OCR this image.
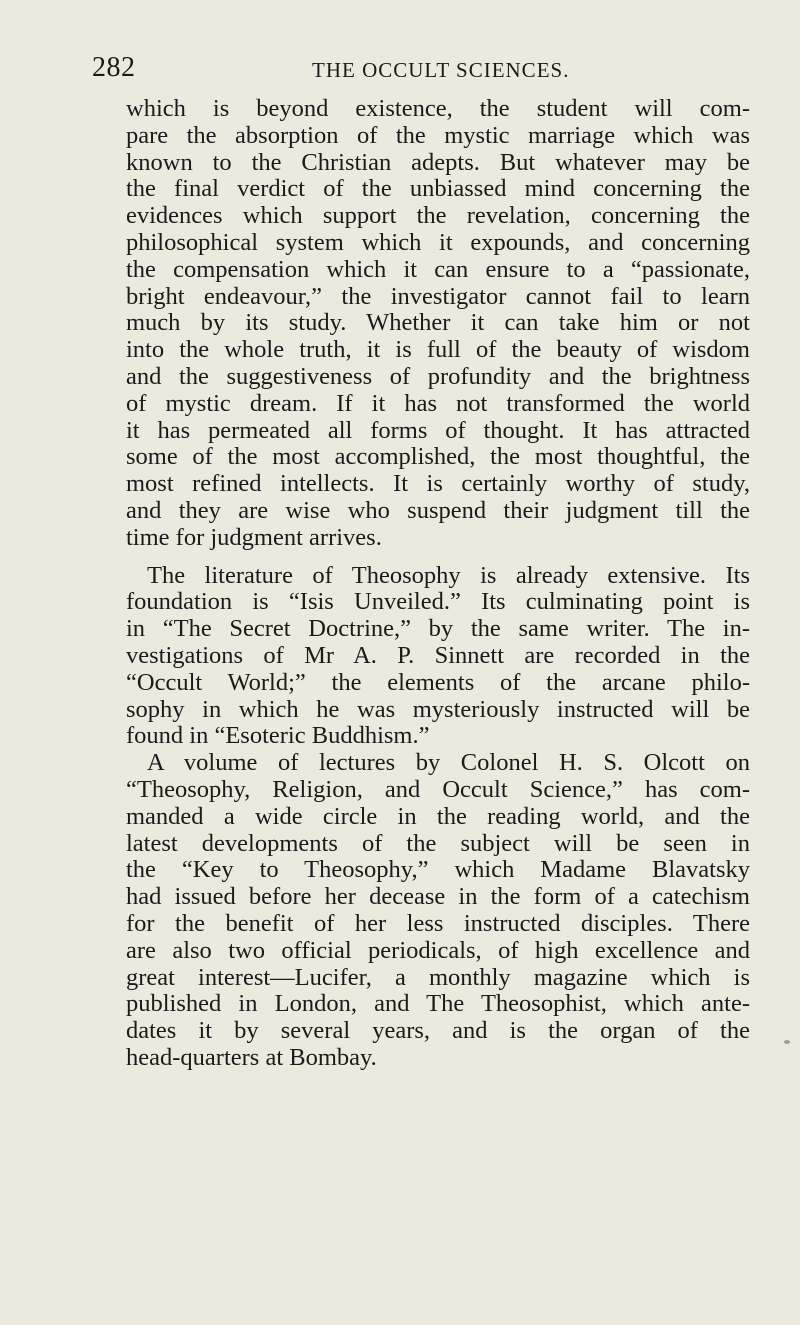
282	THE OCCULT SCIENCES.
which is beyond existence, the student will com-
pare the absorption of the mystic marriage which was
known to the Christian adepts. But whatever may be
the final verdict of the unbiassed mind concerning the
evidences which support the revelation, concerning the
philosophical system which it expounds, and concerning
the compensation which it can ensure to a “passionate,
bright endeavour,” the investigator cannot fail to learn
much by its study. Whether it can take him or not
into the whole truth, it is full of the beauty of wisdom
and the suggestiveness of profundity and the brightness
of mystic dream. If it has not transformed the world
it has permeated all forms of thought. It has attracted
some of the most accomplished, the most thoughtful, the
most refined intellects. It is certainly worthy of study,
and they are wise who suspend their judgment till the
time for judgment arrives.
The literature of Theosophy is already extensive. Its
foundation is “Isis Unveiled.” Its culminating point is
in “The Secret Doctrine,” by the same writer. The in-
vestigations of Mr A. P. Sinnett are recorded in the
“Occult World;” the elements of the arcane philo-
sophy in which he was mysteriously instructed will be
found in “Esoteric Buddhism.”
A volume of lectures by Colonel H. S. Olcott on
“Theosophy, Religion, and Occult Science,” has com-
manded a wide circle in the reading world, and the
latest developments of the subject will be seen in
the “Key to Theosophy,” which Madame Blavatsky
had issued before her decease in the form of a catechism
for the benefit of her less instructed disciples. There
are also two official periodicals, of high excellence and
great interest—Lucifer, a monthly magazine which is
published in London, and The Theosophist, which ante-
dates it by several years, and is the organ of the
head-quarters at Bombay.
